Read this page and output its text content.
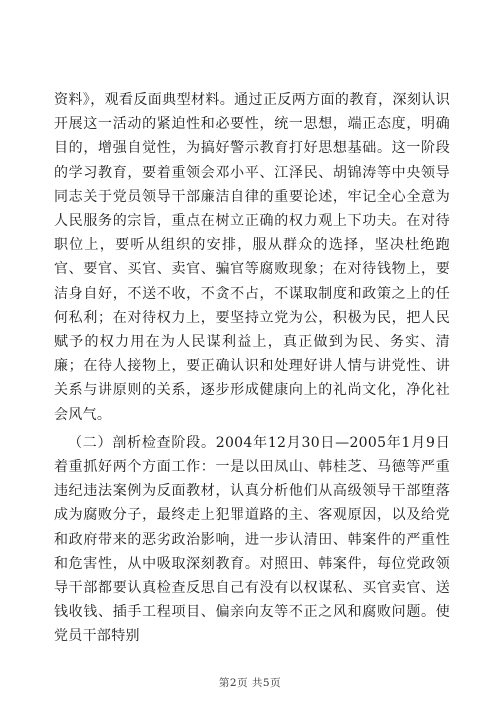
资料》，观看反面典型材料。通过正反两方面的教育，深刻认识开展这一活动的紧迫性和必要性，统一思想，端正态度，明确目的，增强自觉性，为搞好警示教育打好思想基础。这一阶段的学习教育，要着重领会邓小平、江泽民、胡锦涛等中央领导同志关于党员领导干部廉洁自律的重要论述，牢记全心全意为人民服务的宗旨，重点在树立正确的权力观上下功夫。在对待职位上，要听从组织的安排，服从群众的选择，坚决杜绝跑官、要官、买官、卖官、骗官等腐败现象；在对待钱物上，要洁身自好，不送不收，不贪不占，不谋取制度和政策之上的任何私利；在对待权力上，要坚持立党为公，积极为民，把人民赋予的权力用在为人民谋利益上，真正做到为民、务实、清廉；在待人接物上，要正确认识和处理好讲人情与讲党性、讲关系与讲原则的关系，逐步形成健康向上的礼尚文化，净化社会风气。

（二）剖析检查阶段。2004年12月30日—2005年1月9日着重抓好两个方面工作：一是以田凤山、韩桂芝、马德等严重违纪违法案例为反面教材，认真分析他们从高级领导干部堕落成为腐败分子，最终走上犯罪道路的主、客观原因，以及给党和政府带来的恶劣政治影响，进一步认清田、韩案件的严重性和危害性，从中吸取深刻教育。对照田、韩案件，每位党政领导干部都要认真检查反思自己有没有以权谋私、买官卖官、送钱收钱、插手工程项目、偏亲向友等不正之风和腐败问题。使党员干部特别

第2页 共5页
